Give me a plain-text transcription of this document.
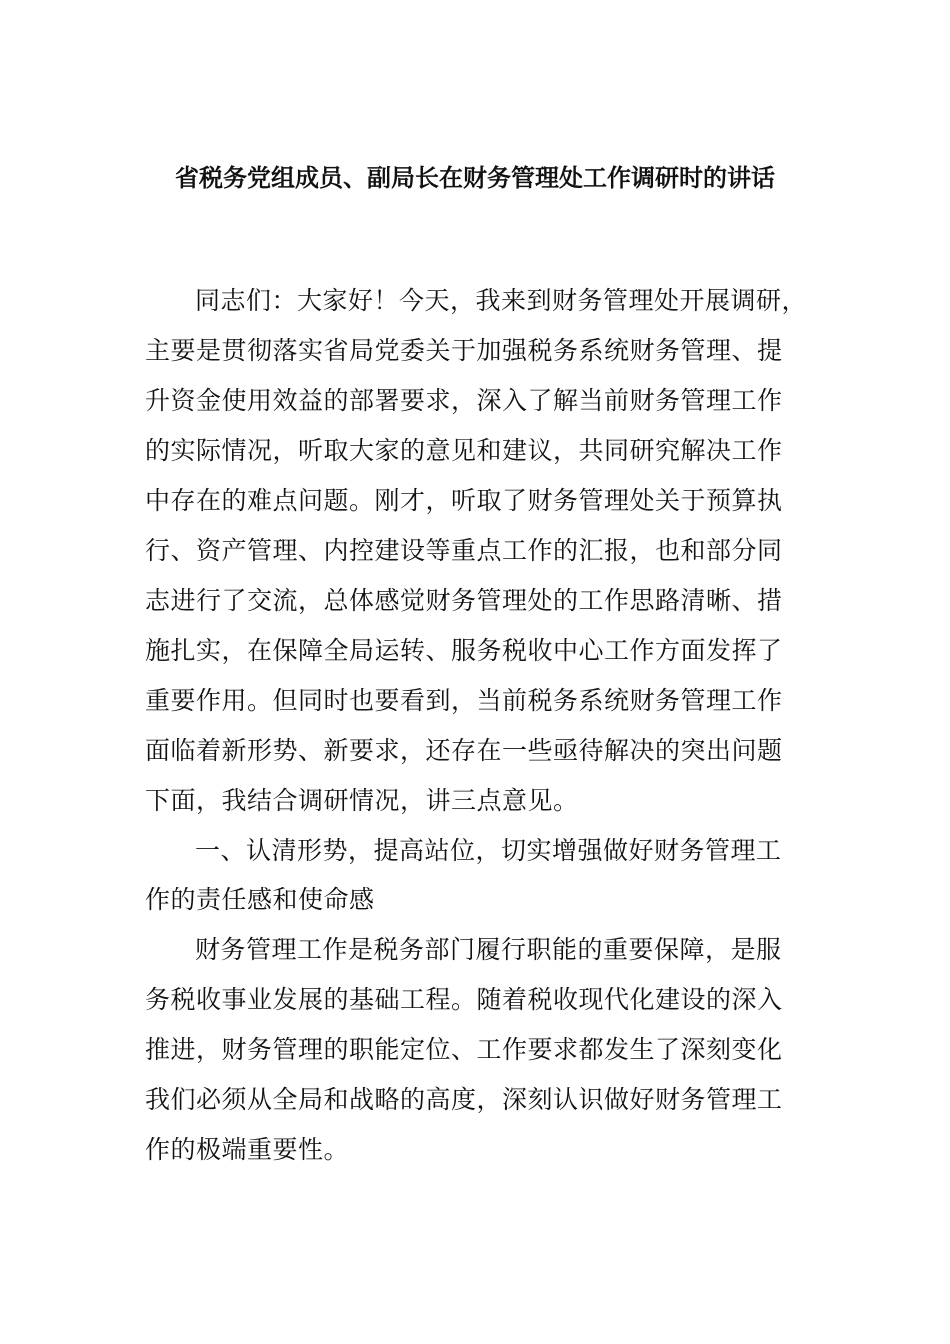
省税务党组成员、副局长在财务管理处工作调研时的讲话
同志们：大家好！今天，我来到财务管理处开展调研，
主要是贯彻落实省局党委关于加强税务系统财务管理、提
升资金使用效益的部署要求，深入了解当前财务管理工作
的实际情况，听取大家的意见和建议，共同研究解决工作
中存在的难点问题。刚才，听取了财务管理处关于预算执
行、资产管理、内控建设等重点工作的汇报，也和部分同
志进行了交流，总体感觉财务管理处的工作思路清晰、措
施扎实，在保障全局运转、服务税收中心工作方面发挥了
重要作用。但同时也要看到，当前税务系统财务管理工作
面临着新形势、新要求，还存在一些亟待解决的突出问题
下面，我结合调研情况，讲三点意见。
一、认清形势，提高站位，切实增强做好财务管理工
作的责任感和使命感
财务管理工作是税务部门履行职能的重要保障，是服
务税收事业发展的基础工程。随着税收现代化建设的深入
推进，财务管理的职能定位、工作要求都发生了深刻变化
我们必须从全局和战略的高度，深刻认识做好财务管理工
作的极端重要性。
